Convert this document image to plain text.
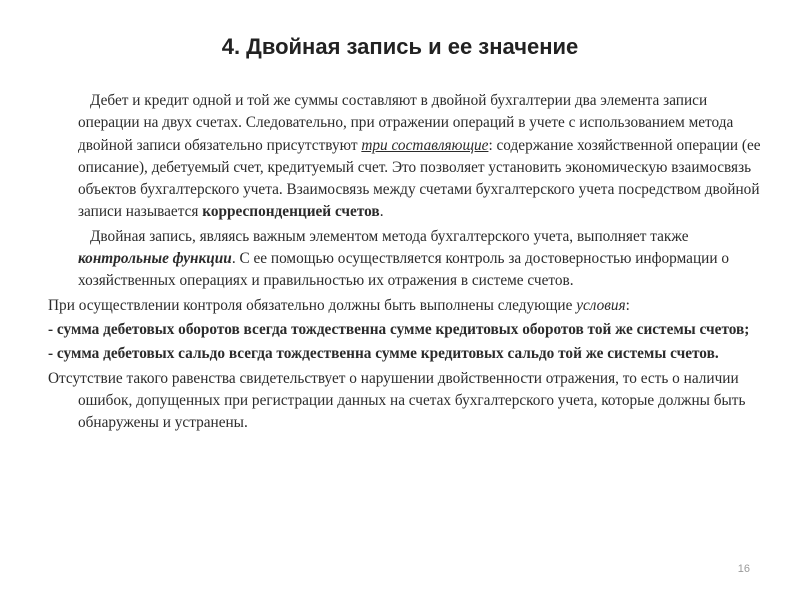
4. Двойная запись и ее значение

Дебет и кредит одной и той же суммы составляют в двойной бухгалтерии два элемента записи операции на двух счетах. Следовательно, при отражении операций в учете с использованием метода двойной записи обязательно присутствуют три составляющие: содержание хозяйственной операции (ее описание), дебетуемый счет, кредитуемый счет. Это позволяет установить экономическую взаимосвязь объектов бухгалтерского учета. Взаимосвязь между счетами бухгалтерского учета посредством двойной записи называется корреспонденцией счетов.

Двойная запись, являясь важным элементом метода бухгалтерского учета, выполняет также контрольные функции. С ее помощью осуществляется контроль за достоверностью информации о хозяйственных операциях и правильностью их отражения в системе счетов.

При осуществлении контроля обязательно должны быть выполнены следующие условия:

- сумма дебетовых оборотов всегда тождественна сумме кредитовых оборотов той же системы счетов;

- сумма дебетовых сальдо всегда тождественна сумме кредитовых сальдо той же системы счетов.

Отсутствие такого равенства свидетельствует о нарушении двойственности отражения, то есть о наличии ошибок, допущенных при регистрации данных на счетах бухгалтерского учета, которые должны быть обнаружены и устранены.

16
